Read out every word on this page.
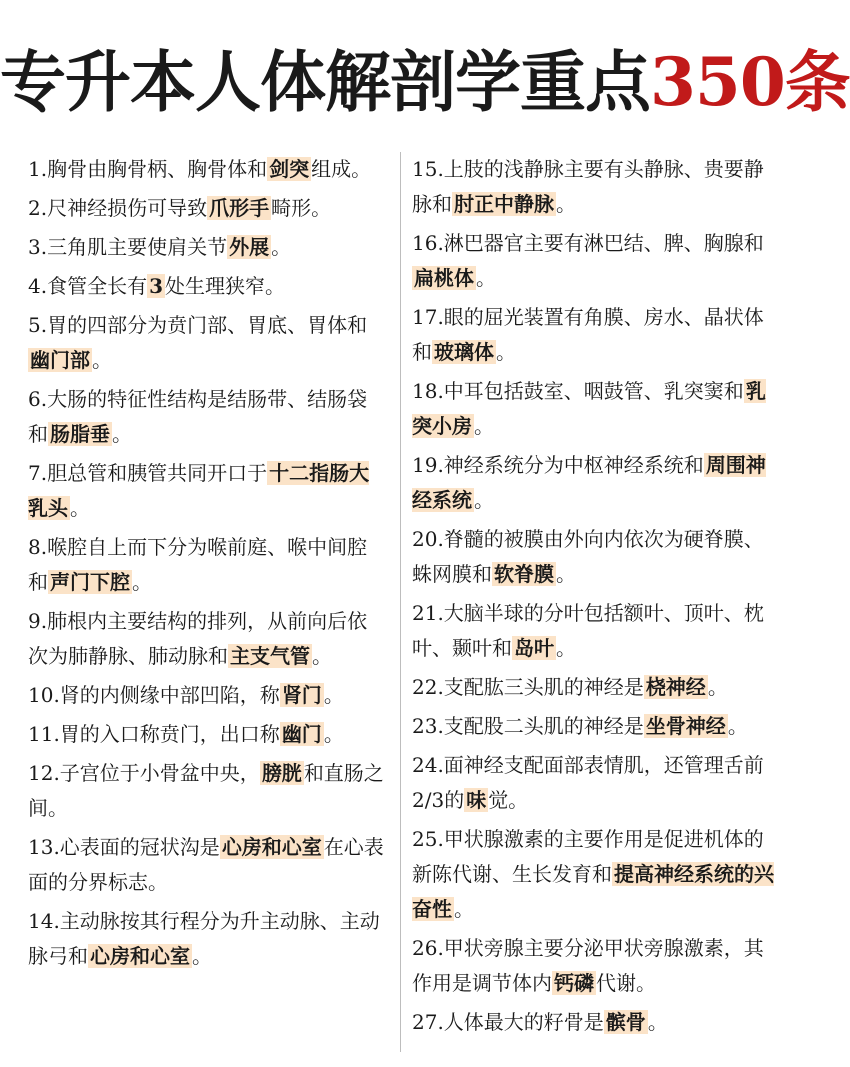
专升本人体解剖学重点350条
1.胸骨由胸骨柄、胸骨体和 剑突 组成。
2.尺神经损伤可导致 爪形手 畸形。
3.三角肌主要使肩关节 外展 。
4.食管全长有 3 处生理狭窄。
5.胃的四部分为贲门部、胃底、胃体和幽门部 。
6.大肠的特征性结构是结肠带、结肠袋和 肠脂垂 。
7.胆总管和胰管共同开口于 十二指肠大乳头 。
8.喉腔自上而下分为喉前庭、喉中间腔和 声门下腔 。
9.肺根内主要结构的排列，从前向后依次为肺静脉、肺动脉和 主支气管 。
10.肾的内侧缘中部凹陷，称 肾门 。
11.胃的入口称贲门，出口称 幽门 。
12.子宫位于小骨盆中央， 膀胱 和直肠之间。
13.心表面的冠状沟是 心房和心室 在心表面的分界标志。
14.主动脉按其行程分为升主动脉、主动脉弓和 心房和心室 。
15.上肢的浅静脉主要有头静脉、贵要静脉和 肘正中静脉 。
16.淋巴器官主要有淋巴结、脾、胸腺和扁桃体 。
17.眼的屈光装置有角膜、房水、晶状体和 玻璃体 。
18.中耳包括鼓室、咽鼓管、乳突窦和 乳突小房 。
19.神经系统分为中枢神经系统和 周围神经系统 。
20.脊髓的被膜由外向内依次为硬脊膜、蛛网膜和 软脊膜 。
21.大脑半球的分叶包括额叶、顶叶、枕叶、颞叶和 岛叶 。
22.支配肱三头肌的神经是 桡神经 。
23.支配股二头肌的神经是 坐骨神经 。
24.面神经支配面部表情肌，还管理舌前2/3的 味 觉。
25.甲状腺激素的主要作用是促进机体的新陈代谢、生长发育和 提高神经系统的兴奋性 。
26.甲状旁腺主要分泌甲状旁腺激素，其作用是调节体内 钙磷 代谢。
27.人体最大的籽骨是 髌骨 。
